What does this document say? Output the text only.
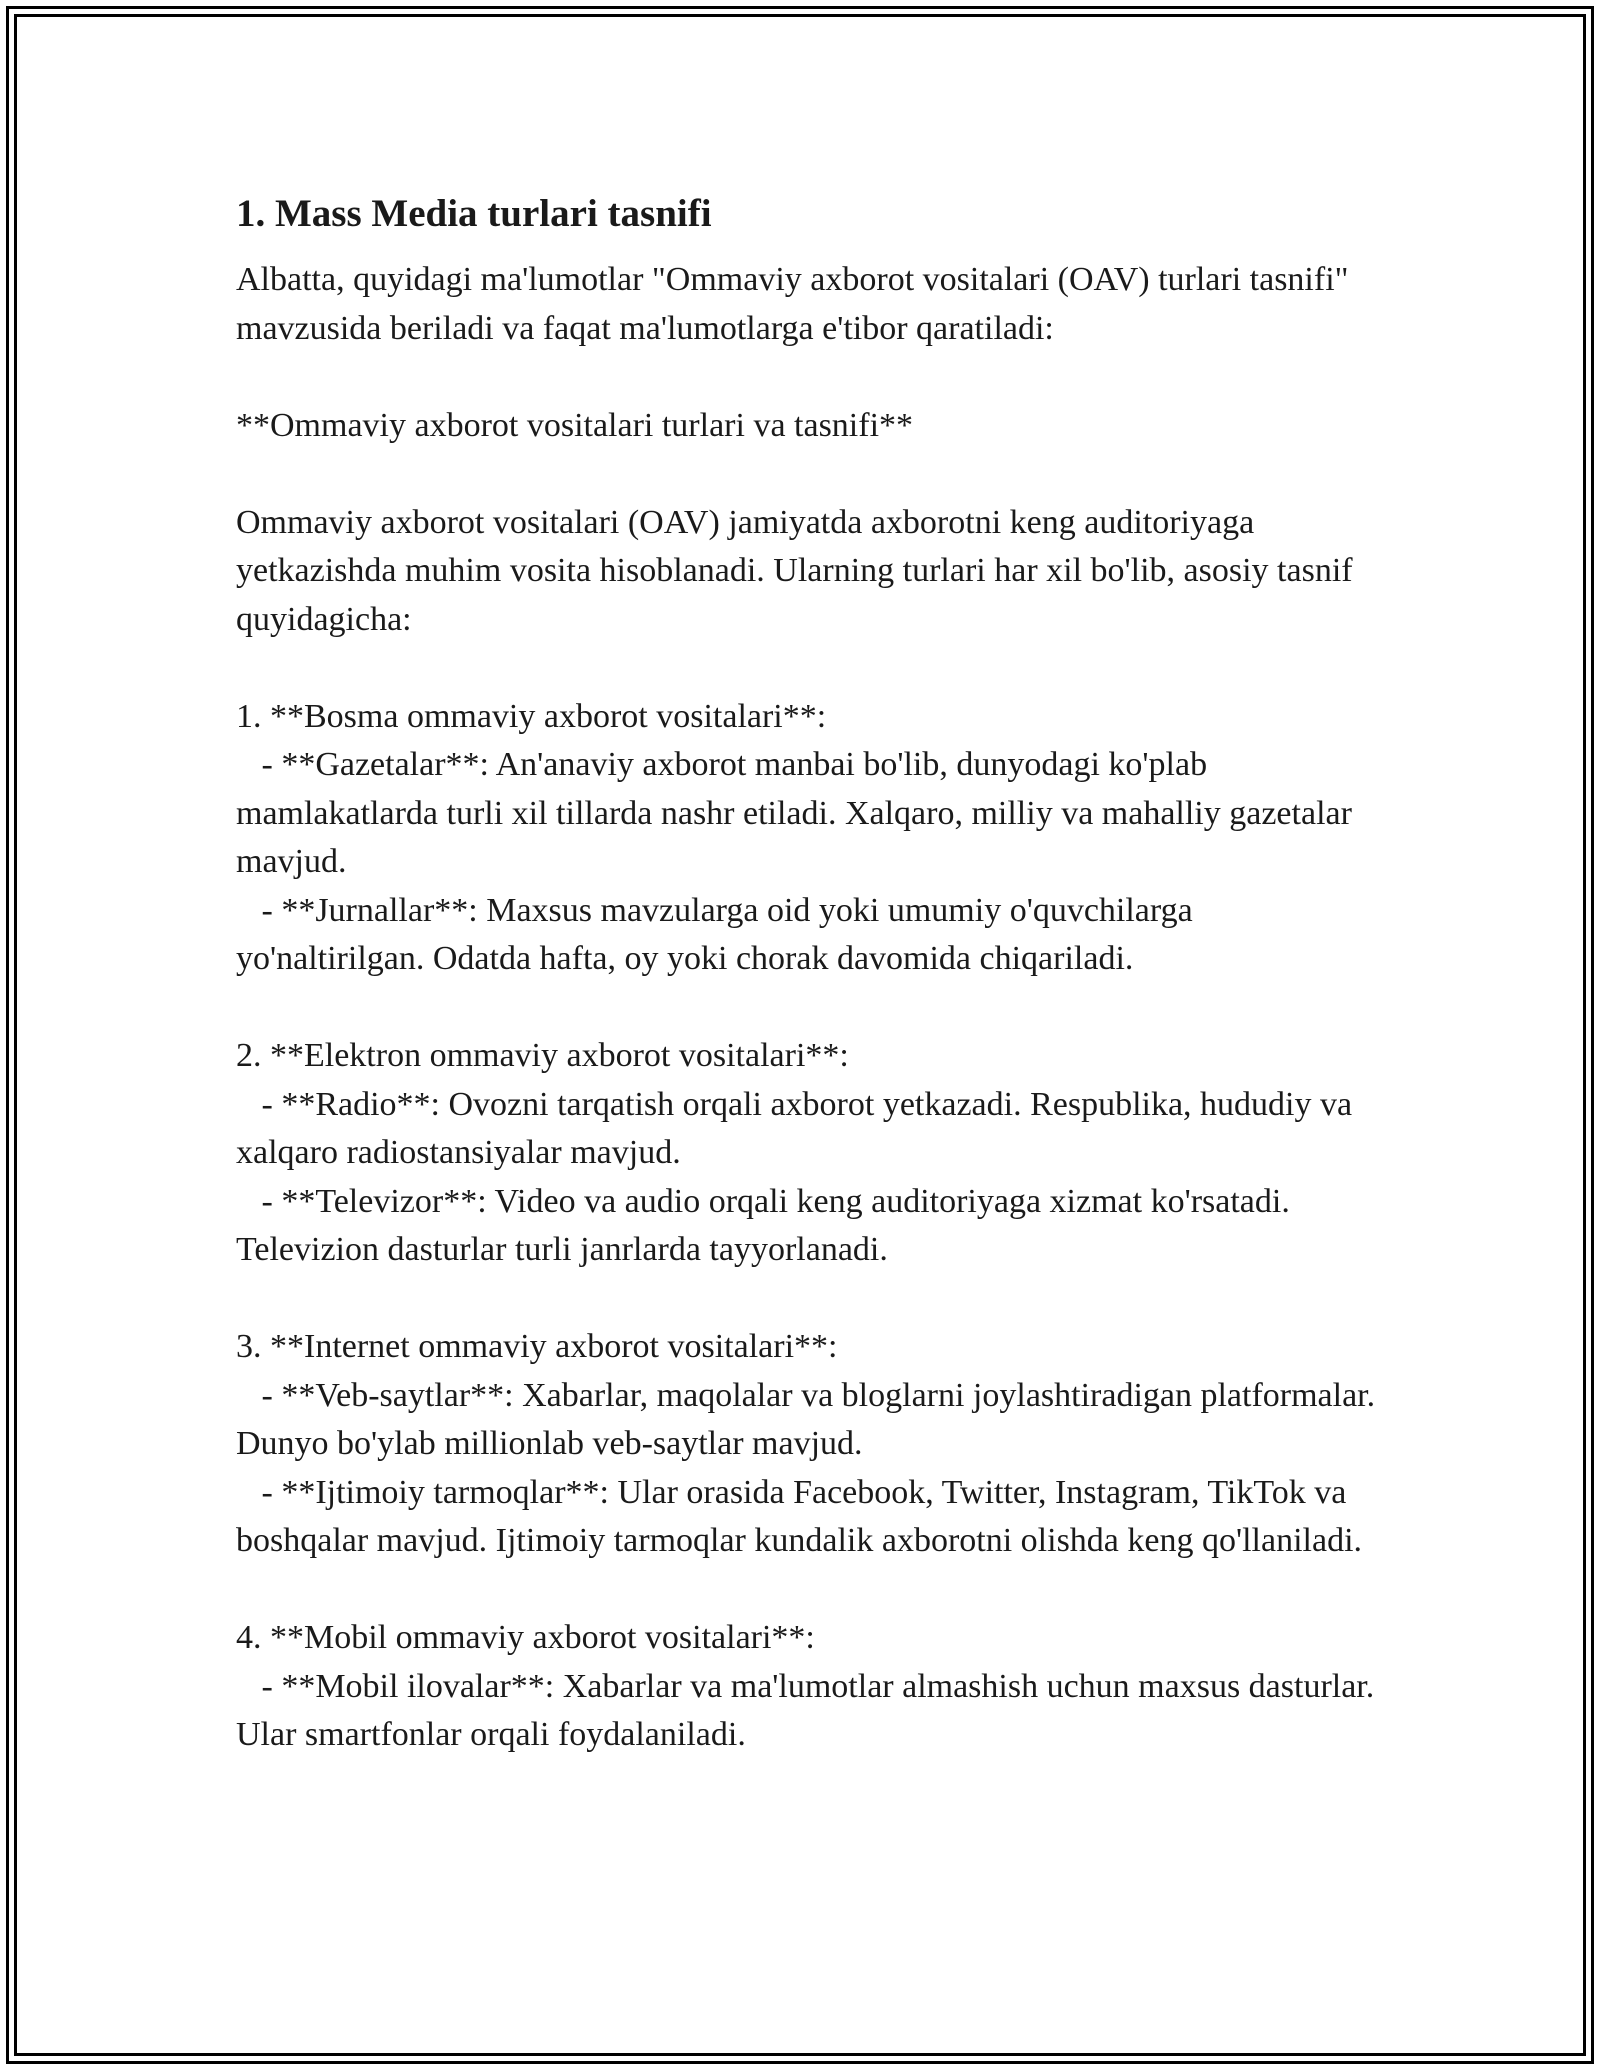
1. Mass Media turlari tasnifi

Albatta, quyidagi ma'lumotlar "Ommaviy axborot vositalari (OAV) turlari tasnifi" mavzusida beriladi va faqat ma'lumotlarga e'tibor qaratiladi:

**Ommaviy axborot vositalari turlari va tasnifi**

Ommaviy axborot vositalari (OAV) jamiyatda axborotni keng auditoriyaga yetkazishda muhim vosita hisoblanadi. Ularning turlari har xil bo'lib, asosiy tasnif quyidagicha:

1. **Bosma ommaviy axborot vositalari**:

- **Gazetalar**: An'anaviy axborot manbai bo'lib, dunyodagi ko'plab mamlakatlarda turli xil tillarda nashr etiladi. Xalqaro, milliy va mahalliy gazetalar mavjud.

- **Jurnallar**: Maxsus mavzularga oid yoki umumiy o'quvchilarga yo'naltirilgan. Odatda hafta, oy yoki chorak davomida chiqariladi.

2. **Elektron ommaviy axborot vositalari**:

- **Radio**: Ovozni tarqatish orqali axborot yetkazadi. Respublika, hududiy va xalqaro radiostansiyalar mavjud.

- **Televizor**: Video va audio orqali keng auditoriyaga xizmat ko'rsatadi. Televizion dasturlar turli janrlarda tayyorlanadi.

3. **Internet ommaviy axborot vositalari**:

- **Veb-saytlar**: Xabarlar, maqolalar va bloglarni joylashtiradigan platformalar. Dunyo bo'ylab millionlab veb-saytlar mavjud.

- **Ijtimoiy tarmoqlar**: Ular orasida Facebook, Twitter, Instagram, TikTok va boshqalar mavjud. Ijtimoiy tarmoqlar kundalik axborotni olishda keng qo'llaniladi.

4. **Mobil ommaviy axborot vositalari**:

- **Mobil ilovalar**: Xabarlar va ma'lumotlar almashish uchun maxsus dasturlar. Ular smartfonlar orqali foydalaniladi.
